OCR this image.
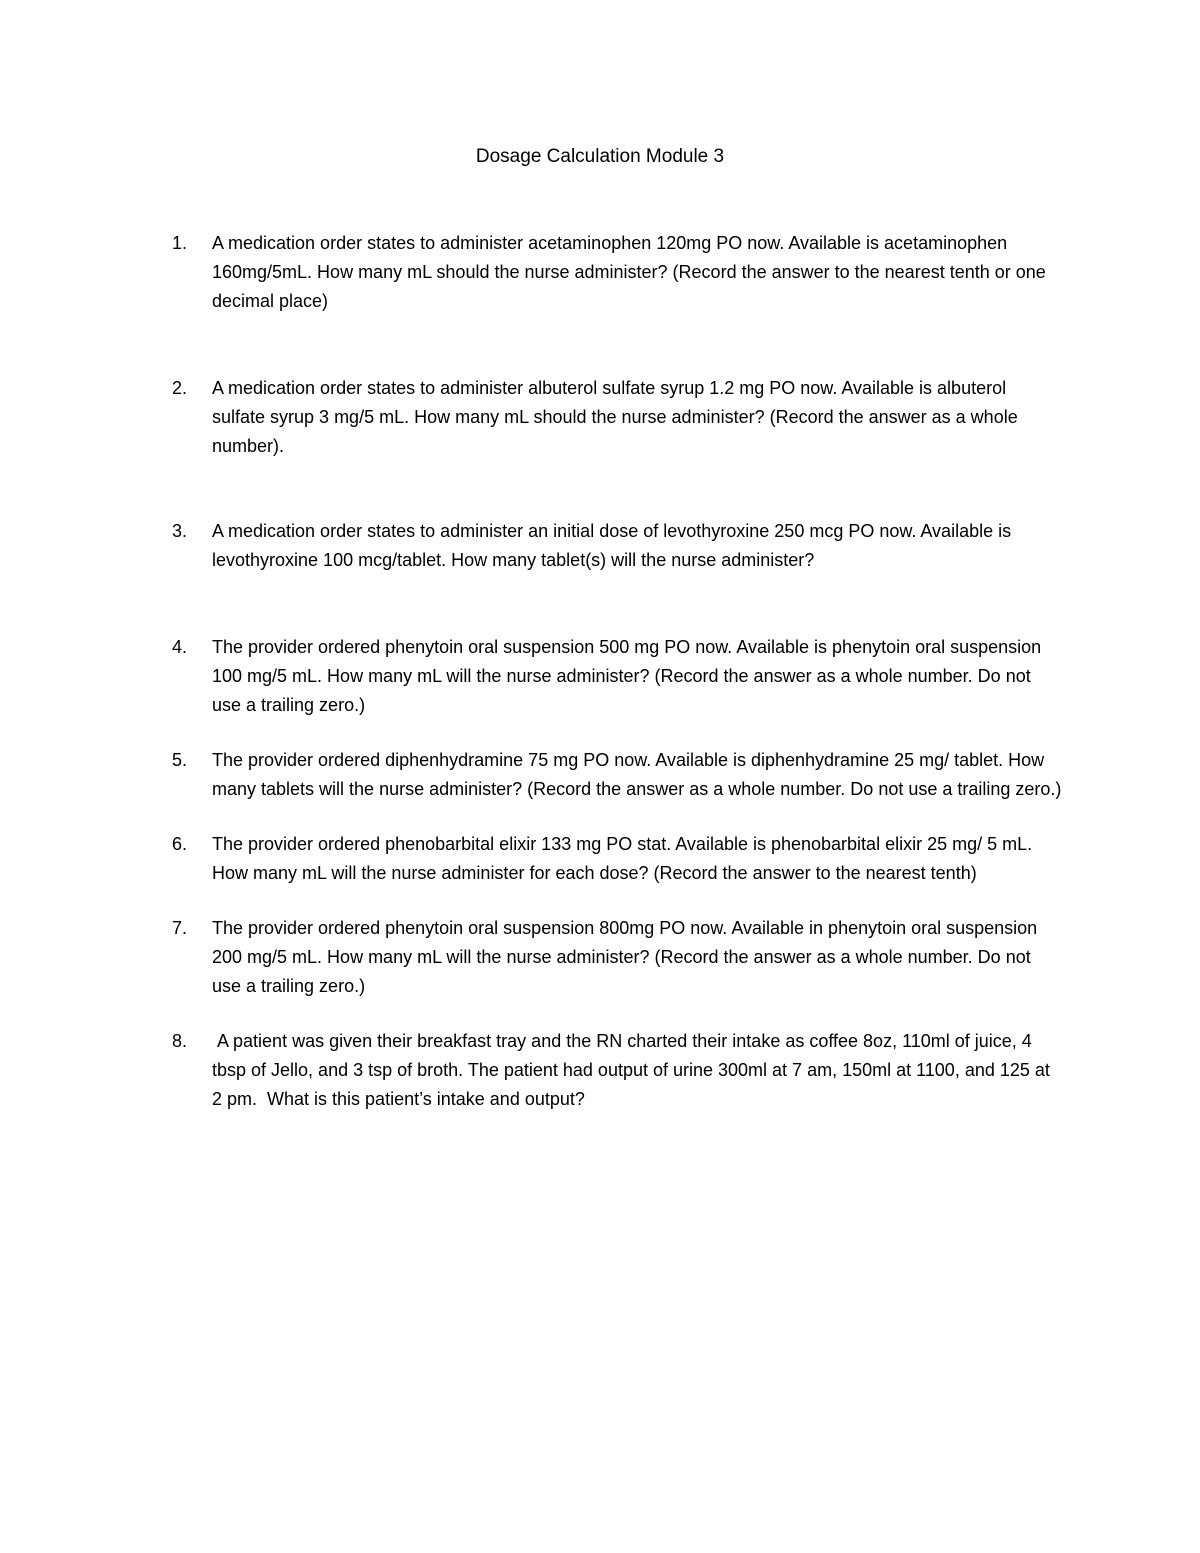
Dosage Calculation Module 3
1. A medication order states to administer acetaminophen 120mg PO now. Available is acetaminophen 160mg/5mL. How many mL should the nurse administer? (Record the answer to the nearest tenth or one decimal place)
2. A medication order states to administer albuterol sulfate syrup 1.2 mg PO now. Available is albuterol sulfate syrup 3 mg/5 mL. How many mL should the nurse administer? (Record the answer as a whole number).
3. A medication order states to administer an initial dose of levothyroxine 250 mcg PO now. Available is levothyroxine 100 mcg/tablet. How many tablet(s) will the nurse administer?
4. The provider ordered phenytoin oral suspension 500 mg PO now. Available is phenytoin oral suspension 100 mg/5 mL. How many mL will the nurse administer? (Record the answer as a whole number. Do not use a trailing zero.)
5. The provider ordered diphenhydramine 75 mg PO now. Available is diphenhydramine 25 mg/ tablet. How many tablets will the nurse administer? (Record the answer as a whole number. Do not use a trailing zero.)
6. The provider ordered phenobarbital elixir 133 mg PO stat. Available is phenobarbital elixir 25 mg/ 5 mL. How many mL will the nurse administer for each dose? (Record the answer to the nearest tenth)
7. The provider ordered phenytoin oral suspension 800mg PO now. Available in phenytoin oral suspension 200 mg/5 mL. How many mL will the nurse administer? (Record the answer as a whole number. Do not use a trailing zero.)
8. A patient was given their breakfast tray and the RN charted their intake as coffee 8oz, 110ml of juice, 4 tbsp of Jello, and 3 tsp of broth. The patient had output of urine 300ml at 7 am, 150ml at 1100, and 125 at 2 pm.  What is this patient’s intake and output?
